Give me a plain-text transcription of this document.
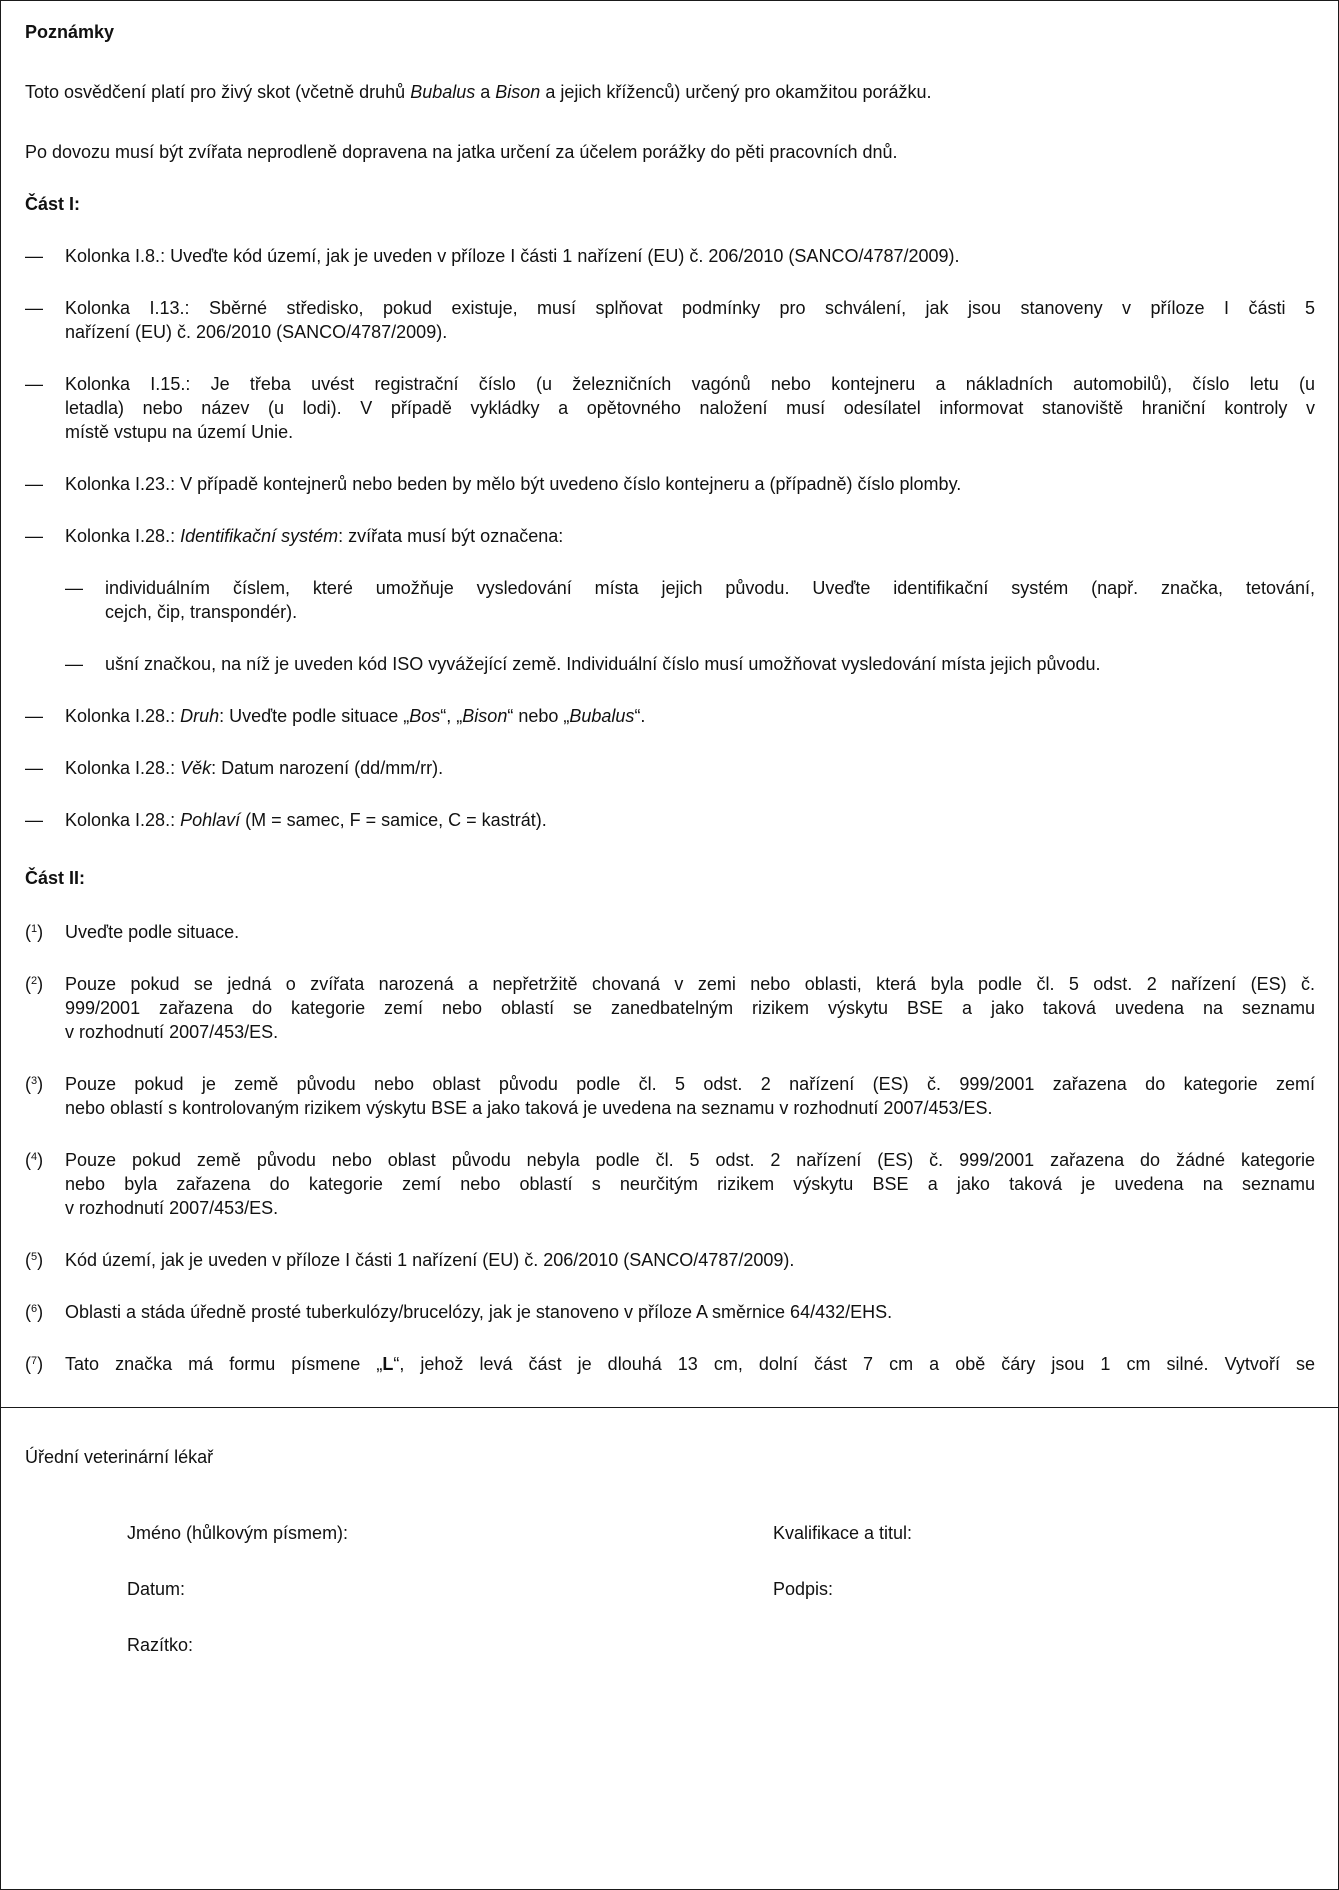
Poznámky
Toto osvědčení platí pro živý skot (včetně druhů Bubalus a Bison a jejich kříženců) určený pro okamžitou porážku.
Po dovozu musí být zvířata neprodleně dopravena na jatka určení za účelem porážky do pěti pracovních dnů.
Část I:
— Kolonka I.8.: Uveďte kód území, jak je uveden v příloze I části 1 nařízení (EU) č. 206/2010 (SANCO/4787/2009).
— Kolonka I.13.: Sběrné středisko, pokud existuje, musí splňovat podmínky pro schválení, jak jsou stanoveny v příloze I části 5
nařízení (EU) č. 206/2010 (SANCO/4787/2009).
— Kolonka I.15.: Je třeba uvést registrační číslo (u železničních vagónů nebo kontejneru a nákladních automobilů), číslo letu (u
letadla) nebo název (u lodi). V případě vykládky a opětovného naložení musí odesílatel informovat stanoviště hraniční kontroly v
místě vstupu na území Unie.
— Kolonka I.23.: V případě kontejnerů nebo beden by mělo být uvedeno číslo kontejneru a (případně) číslo plomby.
— Kolonka I.28.: Identifikační systém: zvířata musí být označena:
— individuálním číslem, které umožňuje vysledování místa jejich původu. Uveďte identifikační systém (např. značka, tetování,
cejch, čip, transpondér).
— ušní značkou, na níž je uveden kód ISO vyvážející země. Individuální číslo musí umožňovat vysledování místa jejich původu.
— Kolonka I.28.: Druh: Uveďte podle situace „Bos“, „Bison“ nebo „Bubalus“.
— Kolonka I.28.: Věk: Datum narození (dd/mm/rr).
— Kolonka I.28.: Pohlaví (M = samec, F = samice, C = kastrát).
Část II:
($^1$) Uveďte podle situace.
($^2$) Pouze pokud se jedná o zvířata narozená a nepřetržitě chovaná v zemi nebo oblasti, která byla podle čl. 5 odst. 2 nařízení (ES) č.
999/2001 zařazena do kategorie zemí nebo oblastí se zanedbatelným rizikem výskytu BSE a jako taková uvedena na seznamu
v rozhodnutí 2007/453/ES.
($^3$) Pouze pokud je země původu nebo oblast původu podle čl. 5 odst. 2 nařízení (ES) č. 999/2001 zařazena do kategorie zemí
nebo oblastí s kontrolovaným rizikem výskytu BSE a jako taková je uvedena na seznamu v rozhodnutí 2007/453/ES.
($^4$) Pouze pokud země původu nebo oblast původu nebyla podle čl. 5 odst. 2 nařízení (ES) č. 999/2001 zařazena do žádné kategorie
nebo byla zařazena do kategorie zemí nebo oblastí s neurčitým rizikem výskytu BSE a jako taková je uvedena na seznamu
v rozhodnutí 2007/453/ES.
($^5$) Kód území, jak je uveden v příloze I části 1 nařízení (EU) č. 206/2010 (SANCO/4787/2009).
($^6$) Oblasti a stáda úředně prosté tuberkulózy/brucelózy, jak je stanoveno v příloze A směrnice 64/432/EHS.
($^7$) Tato značka má formu písmene „L“, jehož levá část je dlouhá 13 cm, dolní část 7 cm a obě čáry jsou 1 cm silné. Vytvoří se
Úřední veterinární lékař
Jméno (hůlkovým písmem):	Kvalifikace a titul:
Datum:	Podpis:
Razítko:
